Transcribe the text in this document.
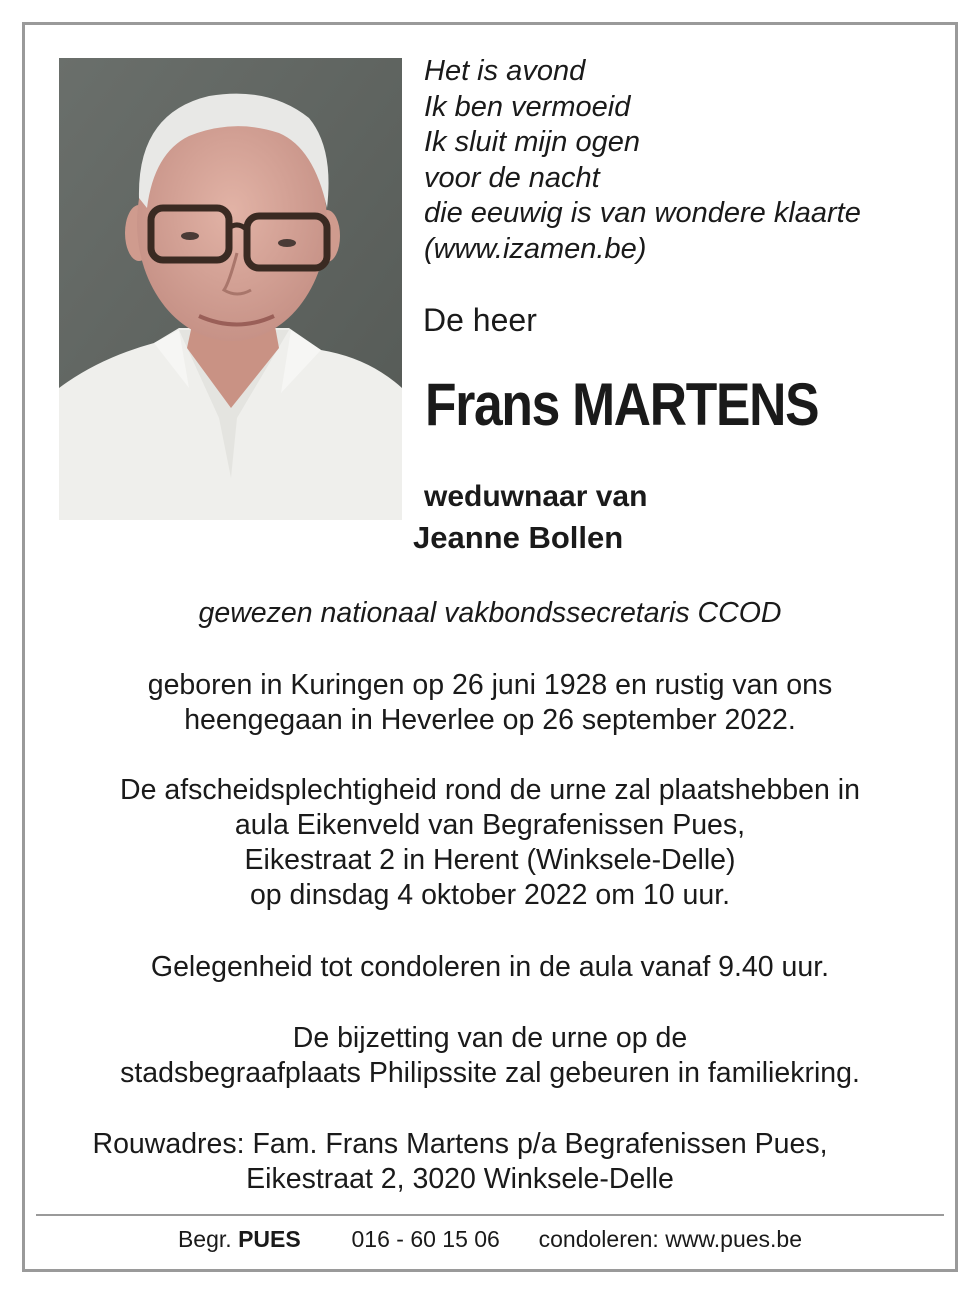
Het is avond
Ik ben vermoeid
Ik sluit mijn ogen
voor de nacht
die eeuwig is van wondere klaarte
(www.izamen.be)
De heer
Frans MARTENS
weduwnaar van
Jeanne Bollen
gewezen nationaal vakbondssecretaris CCOD
geboren in Kuringen op 26 juni 1928 en rustig van ons
heengegaan in Heverlee op 26 september 2022.
De afscheidsplechtigheid rond de urne zal plaatshebben in
aula Eikenveld van Begrafenissen Pues,
Eikestraat 2 in Herent (Winksele-Delle)
op dinsdag 4 oktober 2022 om 10 uur.
Gelegenheid tot condoleren in de aula vanaf 9.40 uur.
De bijzetting van de urne op de
stadsbegraafplaats Philipssite zal gebeuren in familiekring.
Rouwadres: Fam. Frans Martens p/a Begrafenissen Pues,
Eikestraat 2, 3020 Winksele-Delle
Begr. PUES 016 - 60 15 06 condoleren: www.pues.be
